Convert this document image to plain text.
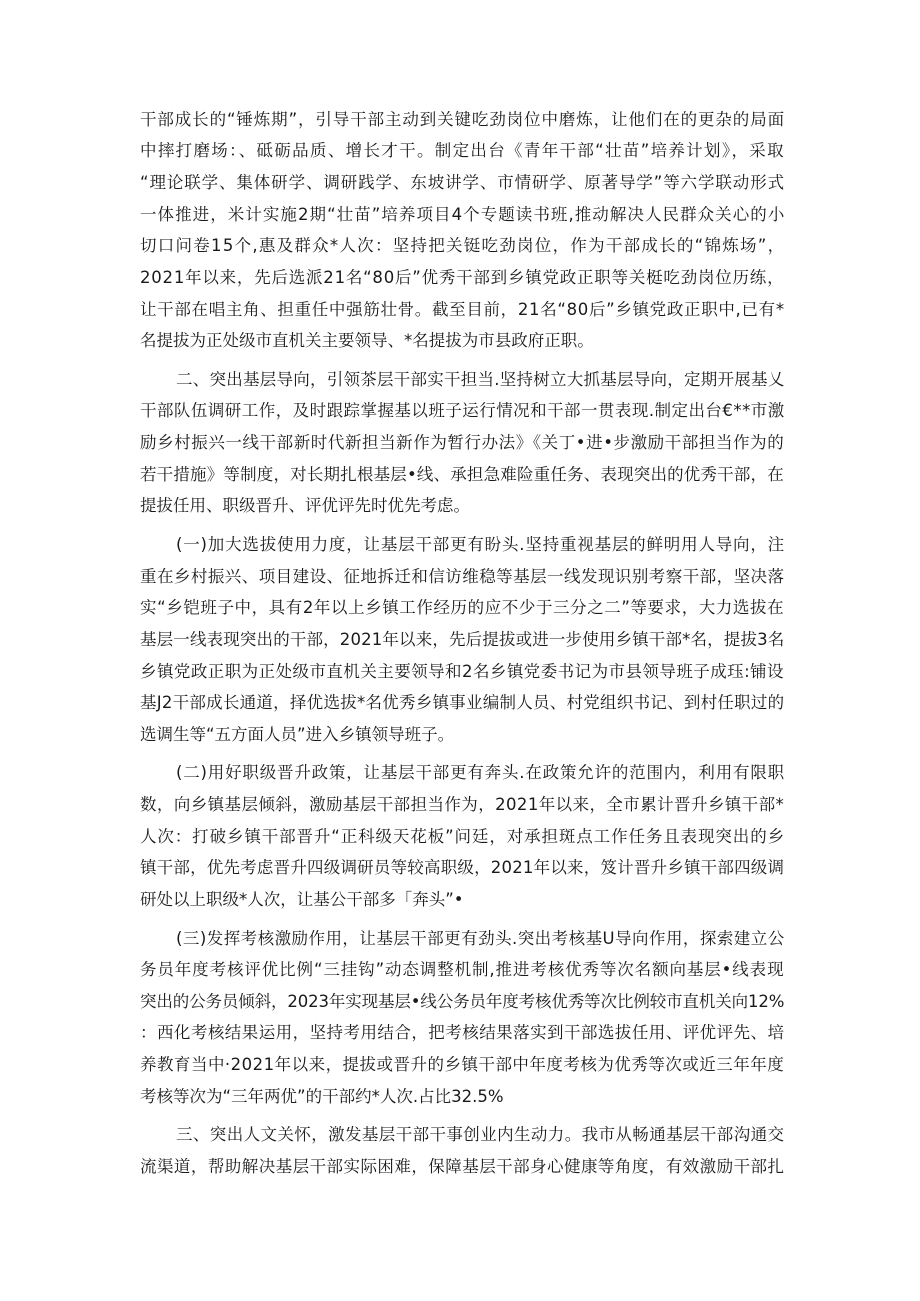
干部成长的“锤炼期”，引导干部主动到关键吃劲岗位中磨炼，让他们在的更杂的局面
中摔打磨场：、砥砺品质、增长才干。制定出台《青年干部“壮苗”培养计划》，采取
“理论联学、集体研学、调研践学、东坡讲学、市情研学、原著导学”等六学联动形式
一体推进，米计实施2期“壮苗”培养项目4个专题读书班,推动解决人民群众关心的小
切口问卷15个,惠及群众*人次：坚持把关铤吃劲岗位，作为干部成长的“锦炼场”，
2021年以来，先后选派21名“80后”优秀干部到乡镇党政正职等关梃吃劲岗位历练，
让干部在唱主角、担重任中强筋壮骨。截至目前，21名“80后”乡镇党政正职中,已有*
名提拔为正处级市直机关主要领导、*名提拔为市县政府正职。
二、突出基层导向，引领茶层干部实干担当.坚持树立大抓基层导向，定期开展基乂
干部队伍调研工作，及时跟踪掌握基以班子运行情况和干部一贯表现.制定出台€**市激
励乡村振兴一线干部新时代新担当新作为暂行办法》《关丁•进•步激励干部担当作为的
若干措施》等制度，对长期扎根基层•线、承担急难险重任务、表现突出的优秀干部，在
提拔任用、职级晋升、评优评先时优先考虑。
(一)加大选拔使用力度，让基层干部更有盼头.坚持重视基层的鲜明用人导向，注
重在乡村振兴、项目建设、征地拆迁和信访维稳等基层一线发现识别考察干部，坚决落
实“乡铠班子中，具有2年以上乡镇工作经历的应不少于三分之二”等要求，大力选拔在
基层一线表现突出的干部，2021年以来，先后提拔或进一步使用乡镇干部*名，提拔3名
乡镇党政正职为正处级市直机关主要领导和2名乡镇党委书记为市县领导班子成珏:铺设
基J2干部成长通道，择优选拔*名优秀乡镇事业编制人员、村党组织书记、到村任职过的
选调生等“五方面人员”进入乡镇领导班子。
(二)用好职级晋升政策，让基层干部更有奔头.在政策允许的范围内，利用有限职
数，向乡镇基层倾斜，激励基层干部担当作为，2021年以来，全市累计晋升乡镇干部*
人次：打破乡镇干部晋升“正科级天花板”问廷，对承担斑点工作任务且表现突出的乡
镇干部，优先考虑晋升四级调研员等较高职级，2021年以来，笈计晋升乡镇干部四级调
研处以上职级*人次，让基公干部多「奔头”•
(三)发挥考核激励作用，让基层干部更有劲头.突出考核基U导向作用，探索建立公
务员年度考核评优比例“三挂钩”动态调整机制,推进考核优秀等次名额向基层•线表现
突出的公务员倾斜，2023年实现基层•线公务员年度考核优秀等次比例较市直机关向12%
：西化考核结果运用，坚持考用结合，把考核结果落实到干部选拔任用、评优评先、培
养教育当中·2021年以来，提拔或晋升的乡镇干部中年度考核为优秀等次或近三年年度
考核等次为“三年两优”的干部约*人次.占比32.5%
三、突出人文关怀，激发基层干部干事创业内生动力。我市从畅通基层干部沟通交
流渠道，帮助解决基层干部实际困难，保障基层干部身心健康等角度，有效激励干部扎
